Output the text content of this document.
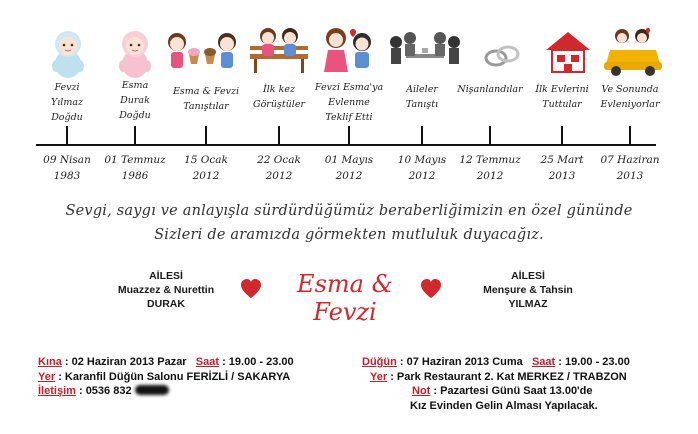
Fevzi
Yılmaz
Doğdu
Esma
Durak
Doğdu
Esma & Fevzi
Tanıştılar
İlk kez
Görüştüler
Fevzi Esma'ya
Evlenme
Teklif Etti
Aileler
Tanıştı
Nişanlandılar	İlk Evlerini
Tuttular
Ve Sonunda
Evleniyorlar
09 Nisan
1983
01 Temmuz
1986
15 Ocak
2012
22 Ocak
2012
01 Mayıs
2012
10 Mayıs
2012
12 Temmuz
2012
25 Mart
2013
07 Haziran
2013
Sevgi, saygı ve anlayışla sürdürdüğümüz beraberliğimizin en özel gününde
Sizleri de aramızda görmekten mutluluk duyacağız.
AİLESİ
Muazzez & Nurettin
DURAK
AİLESİ
Menşure & Tahsin
YILMAZ
Esma & Fevzi
Kına : 02 Haziran 2013 Pazar Saat : 19.00 - 23.00
Yer : Karanfil Düğün Salonu FERİZLİ / SAKARYA
İletişim : 0536 832
Düğün : 07 Haziran 2013 Cuma Saat : 19.00 - 23.00
Yer : Park Restaurant 2. Kat MERKEZ / TRABZON
Not : Pazartesi Günü Saat 13.00'de
Kız Evinden Gelin Alması Yapılacak.
